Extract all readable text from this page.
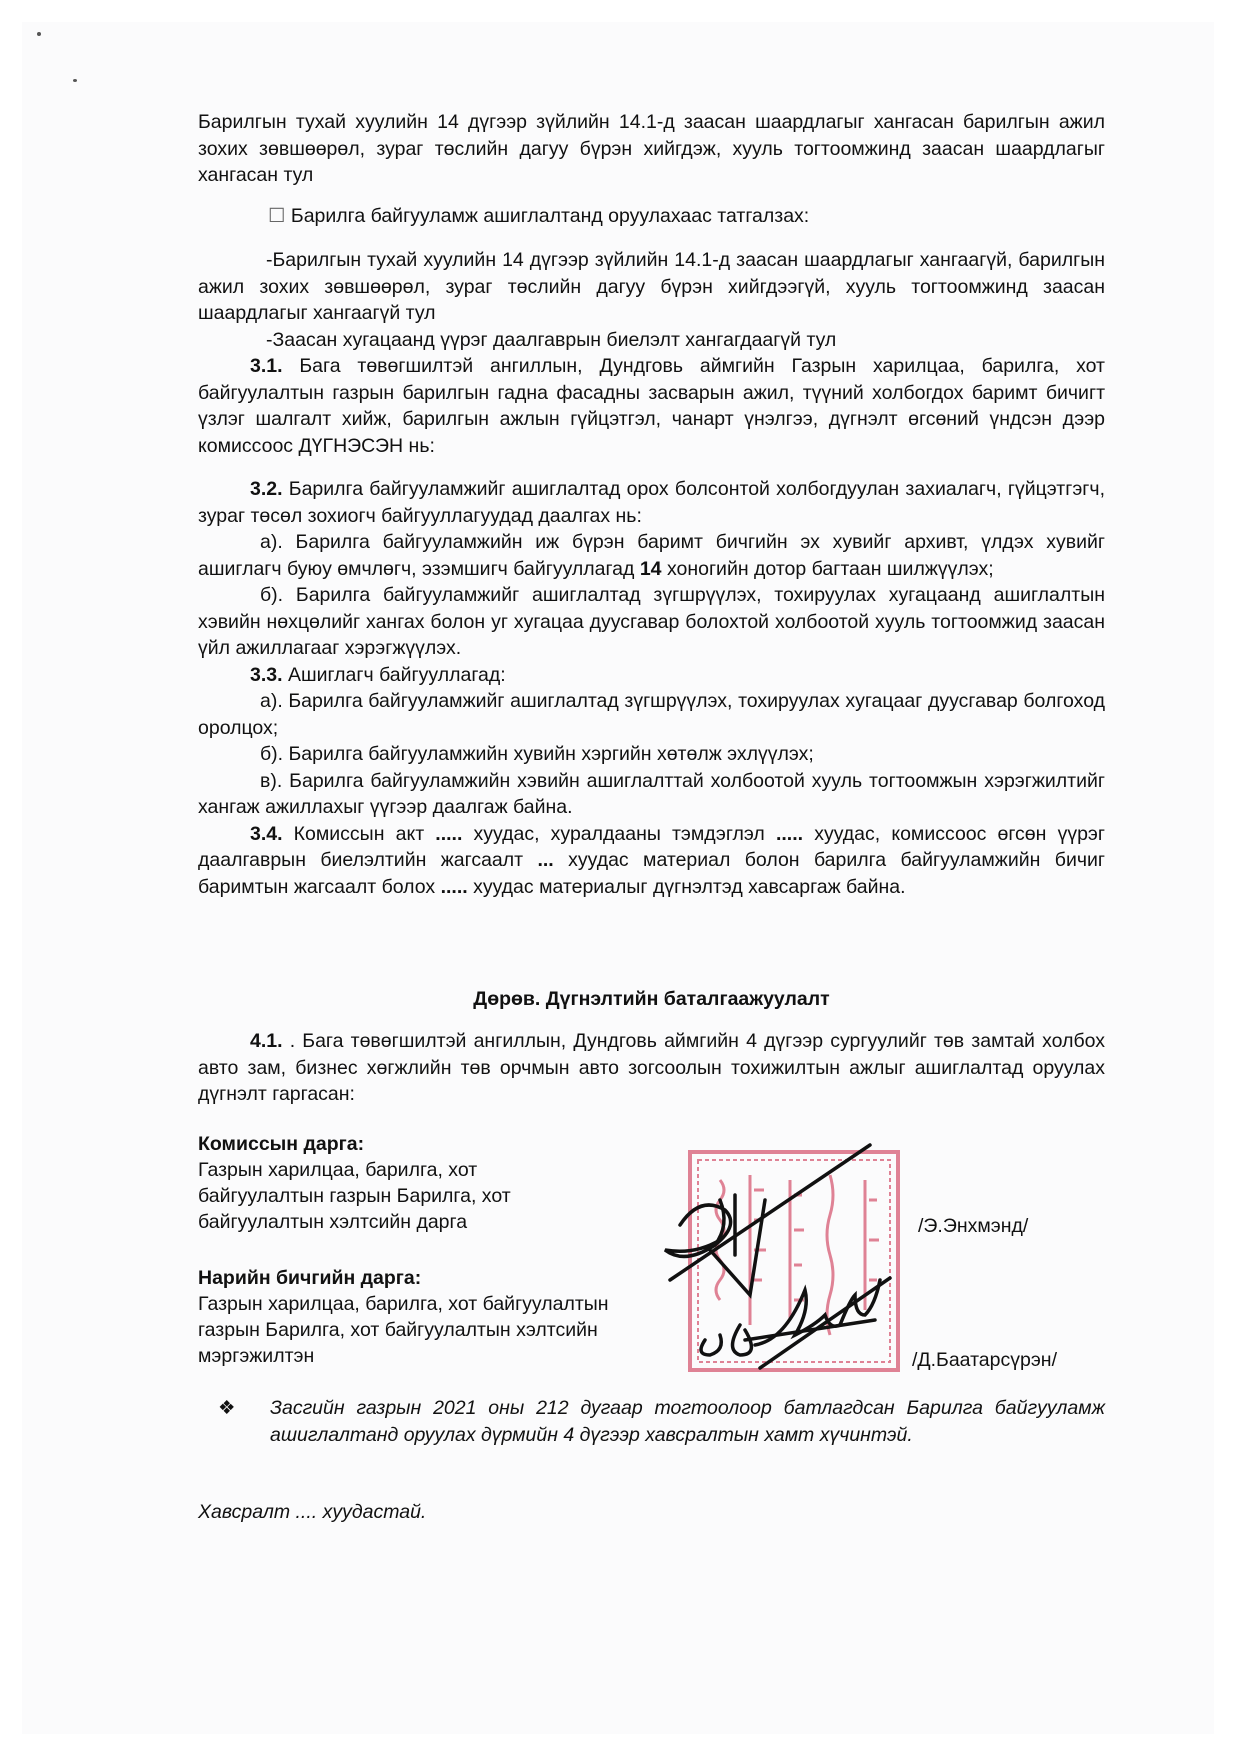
Барилгын тухай хуулийн 14 дүгээр зүйлийн 14.1-д заасан шаардлагыг хангасан барилгын ажил зохих зөвшөөрөл, зураг төслийн дагуу бүрэн хийгдэж, хууль тогтоомжинд заасан шаардлагыг хангасан тул

☐ Барилга байгууламж ашиглалтанд оруулахаас татгалзах:

-Барилгын тухай хуулийн 14 дүгээр зүйлийн 14.1-д заасан шаардлагыг хангаагүй, барилгын ажил зохих зөвшөөрөл, зураг төслийн дагуу бүрэн хийгдээгүй, хууль тогтоомжинд заасан шаардлагыг хангаагүй тул

-Заасан хугацаанд үүрэг даалгаврын биелэлт хангагдаагүй тул

3.1. Бага төвөгшилтэй ангиллын, Дундговь аймгийн Газрын харилцаа, барилга, хот байгуулалтын газрын барилгын гадна фасадны засварын ажил, түүний холбогдох баримт бичигт үзлэг шалгалт хийж, барилгын ажлын гүйцэтгэл, чанарт үнэлгээ, дүгнэлт өгсөний үндсэн дээр комиссоос ДҮГНЭСЭН нь:

3.2. Барилга байгууламжийг ашиглалтад орох болсонтой холбогдуулан захиалагч, гүйцэтгэгч, зураг төсөл зохиогч байгууллагуудад даалгах нь:

а). Барилга байгууламжийн иж бүрэн баримт бичгийн эх хувийг архивт, үлдэх хувийг ашиглагч буюу өмчлөгч, эзэмшигч байгууллагад 14 хоногийн дотор багтаан шилжүүлэх;

б). Барилга байгууламжийг ашиглалтад зүгшрүүлэх, тохируулах хугацаанд ашиглалтын хэвийн нөхцөлийг хангах болон уг хугацаа дуусгавар болохтой холбоотой хууль тогтоомжид заасан үйл ажиллагааг хэрэгжүүлэх.

3.3. Ашиглагч байгууллагад:

а). Барилга байгууламжийг ашиглалтад зүгшрүүлэх, тохируулах хугацааг дуусгавар болгоход оролцох;

б). Барилга байгууламжийн хувийн хэргийн хөтөлж эхлүүлэх;

в). Барилга байгууламжийн хэвийн ашиглалттай холбоотой хууль тогтоомжын хэрэгжилтийг хангаж ажиллахыг үүгээр даалгаж байна.

3.4. Комиссын акт ..... хуудас, хуралдааны тэмдэглэл ..... хуудас, комиссоос өгсөн үүрэг даалгаврын биелэлтийн жагсаалт ... хуудас материал болон барилга байгууламжийн бичиг баримтын жагсаалт болох ..... хуудас материалыг дүгнэлтэд хавсаргаж байна.

Дөрөв. Дүгнэлтийн баталгаажуулалт

4.1. . Бага төвөгшилтэй ангиллын, Дундговь аймгийн 4 дүгээр сургуулийг төв замтай холбох авто зам, бизнес хөгжлийн төв орчмын авто зогсоолын тохижилтын ажлыг ашиглалтад оруулах дүгнэлт гаргасан:

Комиссын дарга:
Газрын харилцаа, барилга, хот
байгуулалтын газрын Барилга, хот
байгуулалтын хэлтсийн дарга	/Э.Энхмэнд/
Нарийн бичгийн дарга:
Газрын харилцаа, барилга, хот байгуулалтын
газрын Барилга, хот байгуулалтын хэлтсийн
мэргэжилтэн	/Д.Баатарсүрэн/
❖ Засгийн газрын 2021 оны 212 дугаар тогтоолоор батлагдсан Барилга байгууламж ашиглалтанд оруулах дүрмийн 4 дүгээр хавсралтын хамт хүчинтэй.

Хавсралт .... хуудастай.
